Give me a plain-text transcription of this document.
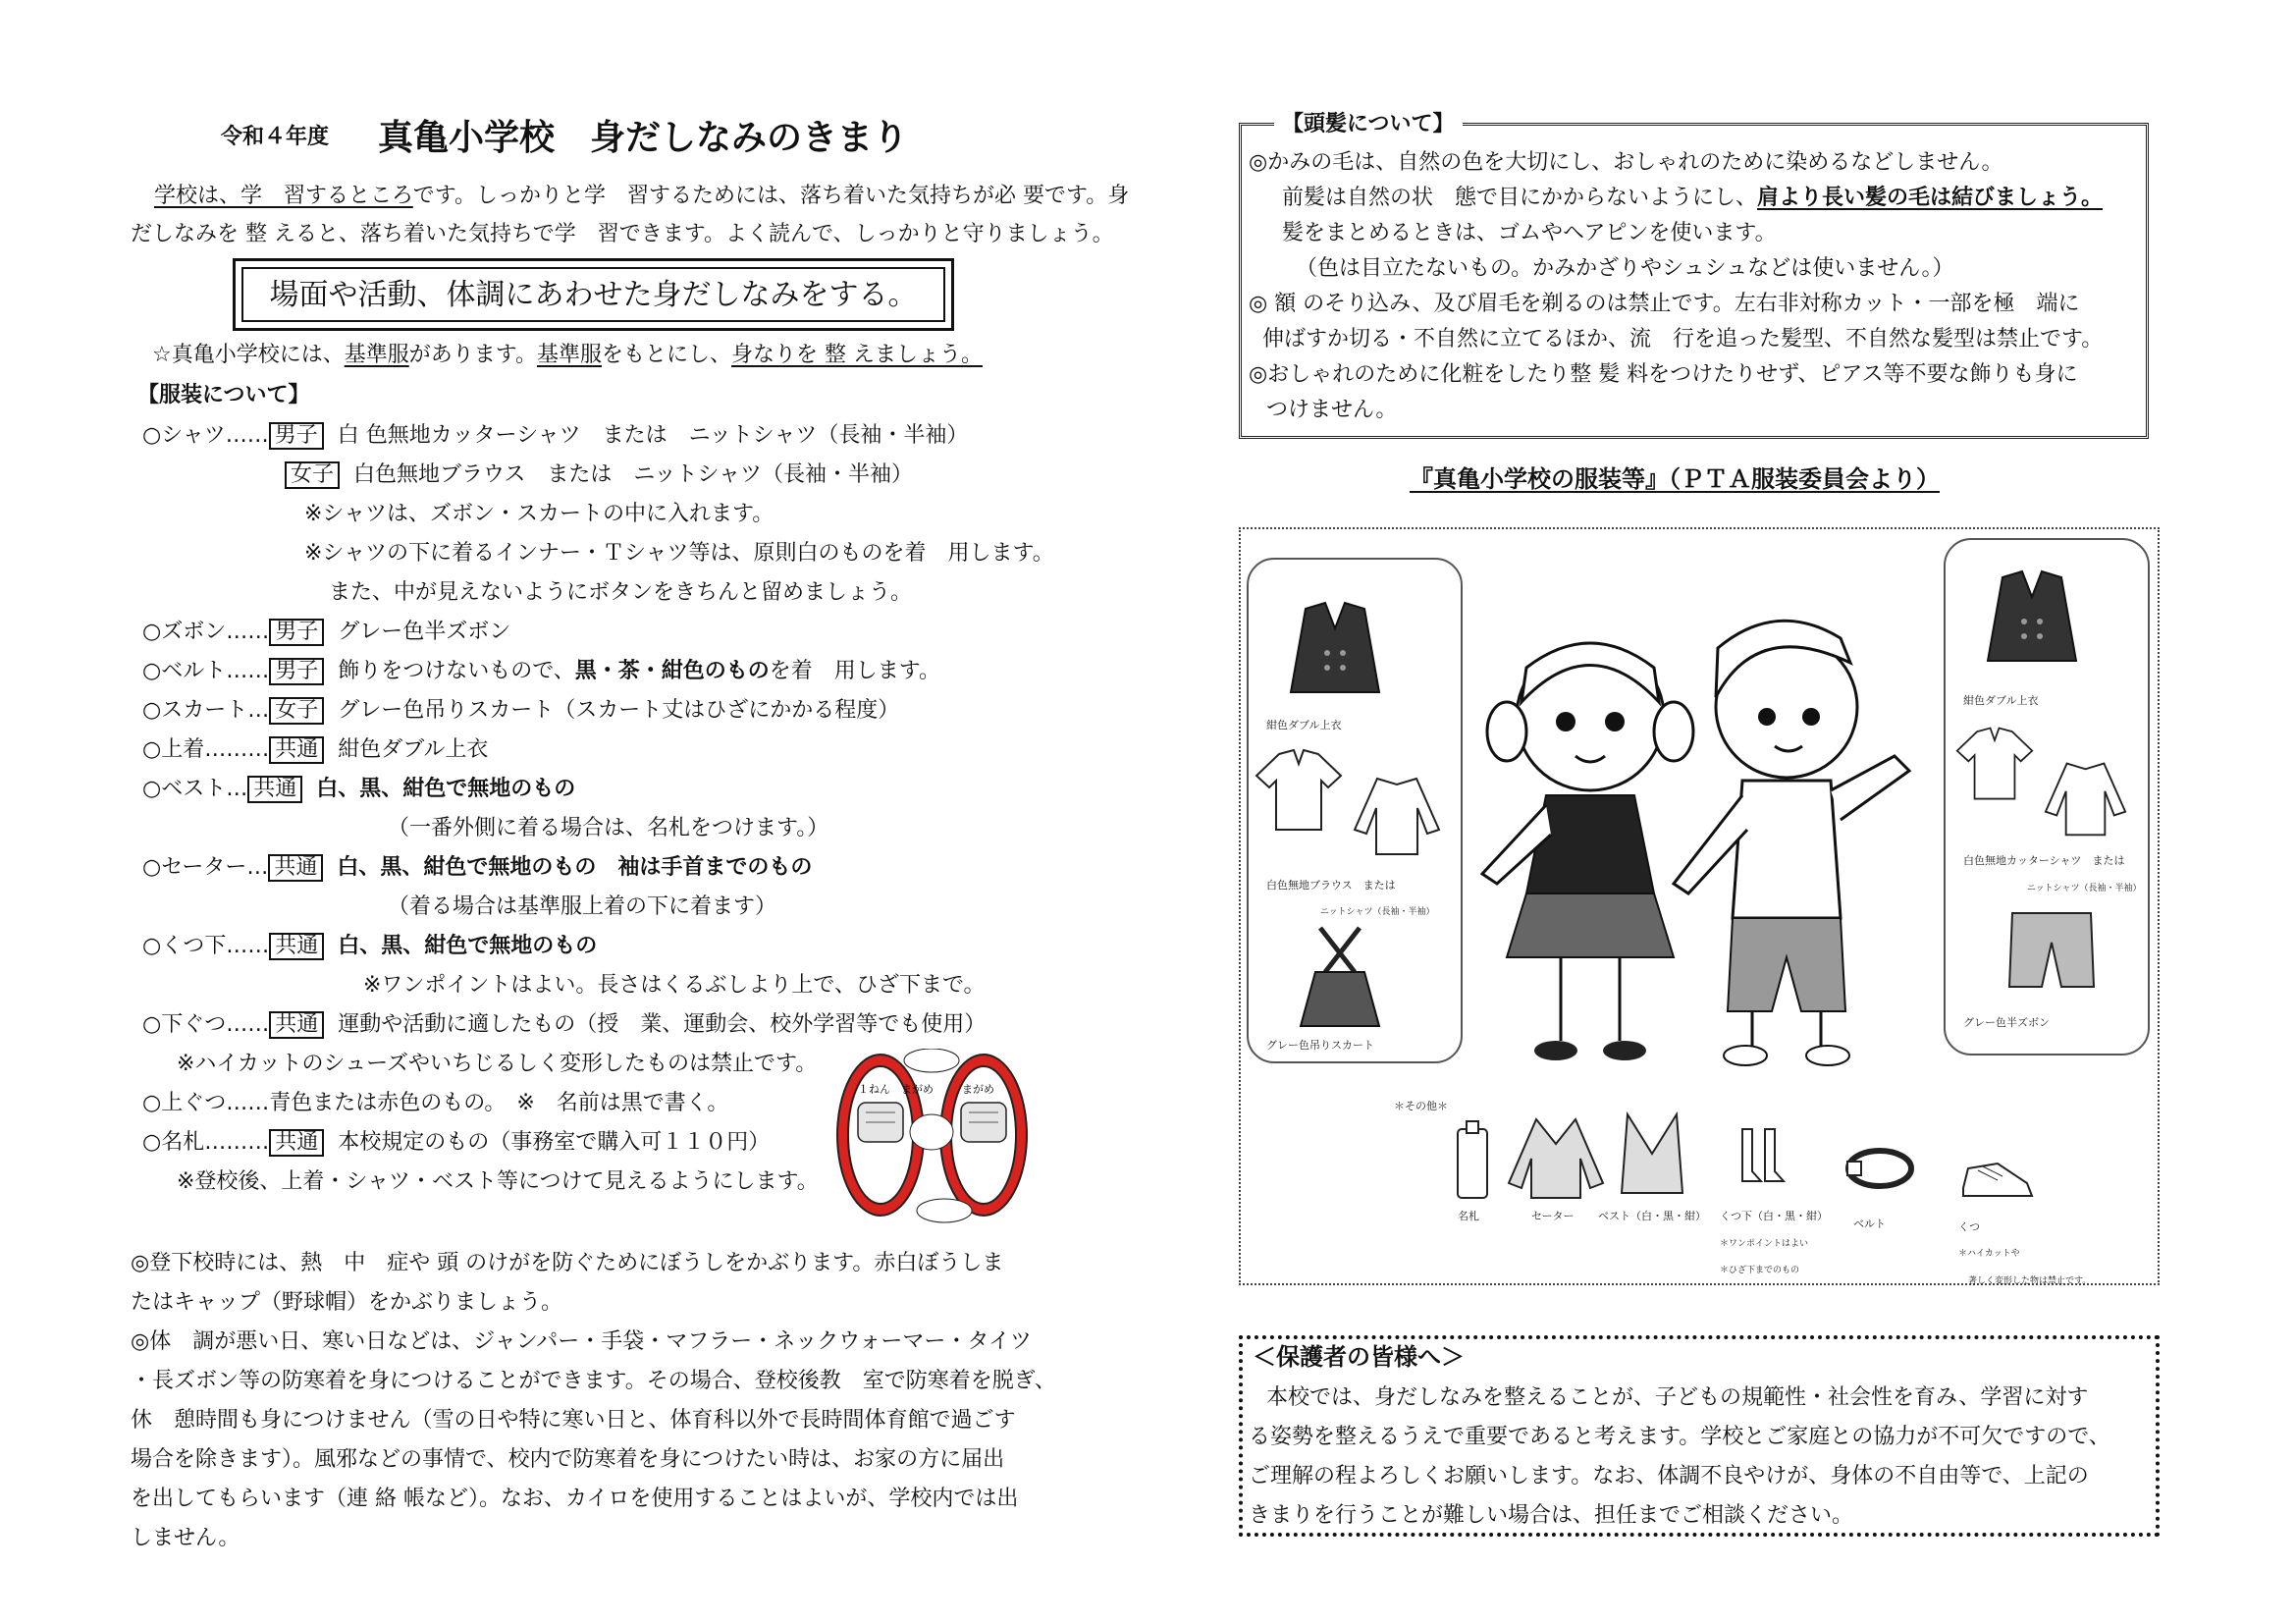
令和４年度 真亀小学校　身だしなみのきまり
学校は、学　習するところです。しっかりと学　習するためには、落ち着いた気持ちが必 要です。身
だしなみを 整 えると、落ち着いた気持ちで学　習できます。よく読んで、しっかりと守りましょう。
場面や活動、体調にあわせた身だしなみをする。
☆真亀小学校には、基準服があります。基準服をもとにし、身なりを 整 えましょう。
【服装について】
○シャツ…… 男子 白 色無地カッターシャツ　または　ニットシャツ（長袖・半袖）
女子 白色無地ブラウス　または　ニットシャツ（長袖・半袖）
※シャツは、ズボン・スカートの中に入れます。
※シャツの下に着るインナー・Ｔシャツ等は、原則白のものを着　用します。
また、中が見えないようにボタンをきちんと留めましょう。
○ズボン…… 男子 グレー色半ズボン
○ベルト…… 男子 飾りをつけないもので、黒・茶・紺色のものを着　用します。
○スカート… 女子 グレー色吊りスカート（スカート丈はひざにかかる程度）
○上着……… 共通 紺色ダブル上衣
○ベスト… 共通 白、黒、紺色で無地のもの
（一番外側に着る場合は、名札をつけます。）
○セーター… 共通 白、黒、紺色で無地のもの　袖は手首までのもの
（着る場合は基準服上着の下に着ます）
○くつ下…… 共通 白、黒、紺色で無地のもの
※ワンポイントはよい。長さはくるぶしより上で、ひざ下まで。
○下ぐつ…… 共通 運動や活動に適したもの（授　業、運動会、校外学習等でも使用）
※ハイカットのシューズやいちじるしく変形したものは禁止です。
○上ぐつ……青色または赤色のもの。　※　名前は黒で書く。
○名札……… 共通 本校規定のもの（事務室で購入可１１０円）
※登校後、上着・シャツ・ベスト等につけて見えるようにします。
１ねん　まがめ	まがめ
◎登下校時には、熱　中　症や 頭 のけがを防ぐためにぼうしをかぶります。赤白ぼうしま
たはキャップ（野球帽）をかぶりましょう。
◎体　調が悪い日、寒い日などは、ジャンパー・手袋・マフラー・ネックウォーマー・タイツ
・長ズボン等の防寒着を身につけることができます。その場合、登校後教　室で防寒着を脱ぎ、
休　憩時間も身につけません（雪の日や特に寒い日と、体育科以外で長時間体育館で過ごす
場合を除きます）。風邪などの事情で、校内で防寒着を身につけたい時は、お家の方に届出
を出してもらいます（連 絡 帳など）。なお、カイロを使用することはよいが、学校内では出
しません。
【頭髪について】
◎かみの毛は、自然の色を大切にし、おしゃれのために染めるなどしません。
前髪は自然の状　態で目にかからないようにし、肩より長い髪の毛は結びましょう。
髪をまとめるときは、ゴムやヘアピンを使います。
（色は目立たないもの。かみかざりやシュシュなどは使いません。）
◎ 額 のそり込み、及び眉毛を剃るのは禁止です。左右非対称カット・一部を極　端に
伸ばすか切る・不自然に立てるほか、流　行を追った髪型、不自然な髪型は禁止です。
◎おしゃれのために化粧をしたり整 髪 料をつけたりせず、ピアス等不要な飾りも身に
つけません。
『真亀小学校の服装等』（ＰＴＡ服装委員会より）
紺色ダブル上衣
白色無地ブラウス　 または
ニットシャツ（長袖・半袖）
グレー色吊りスカート
紺色ダブル上衣
白色無地カッターシャツ　 または
ニットシャツ（長袖・半袖）
グレー色半ズボン
＊その他＊
名札	セーター ベスト（白・黒・紺） くつ下（白・黒・紺）
＊ワンポイントはよい
＊ひざ下までのもの
ベルト	くつ
＊ハイカットや
著しく変形した物は禁止です。
＜保護者の皆様へ＞
本校では、身だしなみを整えることが、子どもの規範性・社会性を育み、学習に対す
る姿勢を整えるうえで重要であると考えます。学校とご家庭との協力が不可欠ですので、
ご理解の程よろしくお願いします。なお、体調不良やけが、身体の不自由等で、上記の
きまりを行うことが難しい場合は、担任までご相談ください。
